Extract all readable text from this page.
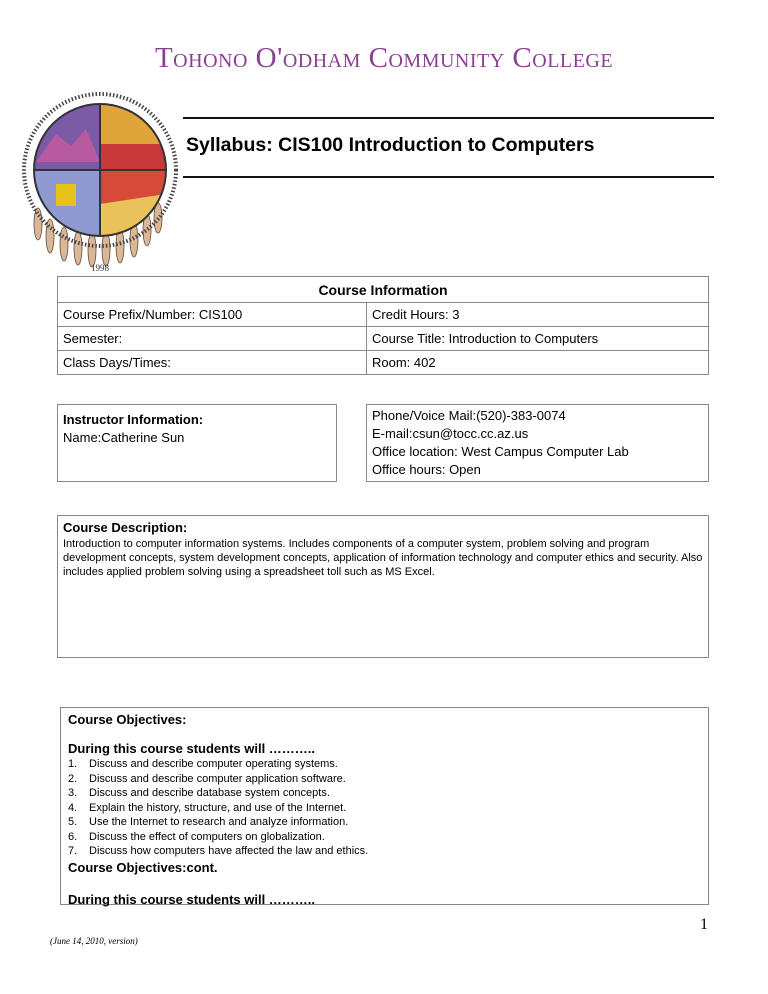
Tohono O'odham Community College
1998
Syllabus: CIS100 Introduction to Computers
Course Information	
Course Prefix/Number: CIS100	Credit Hours: 3
Semester:	Course Title: Introduction to Computers
Class Days/Times:	Room: 402
Instructor Information:
Name:Catherine Sun
Phone/Voice Mail:(520)-383-0074
E-mail:csun@tocc.cc.az.us
Office location: West Campus Computer Lab
Office hours: Open
Course Description:
Introduction to computer information systems. Includes components of a computer system, problem solving and program development concepts, system development concepts, application of information technology and computer ethics and security. Also includes applied problem solving using a spreadsheet toll such as MS Excel.
Course Objectives:
During this course students will ………..
1. Discuss and describe computer operating systems.
2. Discuss and describe computer application software.
3. Discuss and describe database system concepts.
4. Explain the history, structure, and use of the Internet.
5. Use the Internet to research and analyze information.
6. Discuss the effect of computers on globalization.
7. Discuss how computers have affected the law and ethics.
Course Objectives:cont.
During this course students will ………..
1
(June 14, 2010, version)
